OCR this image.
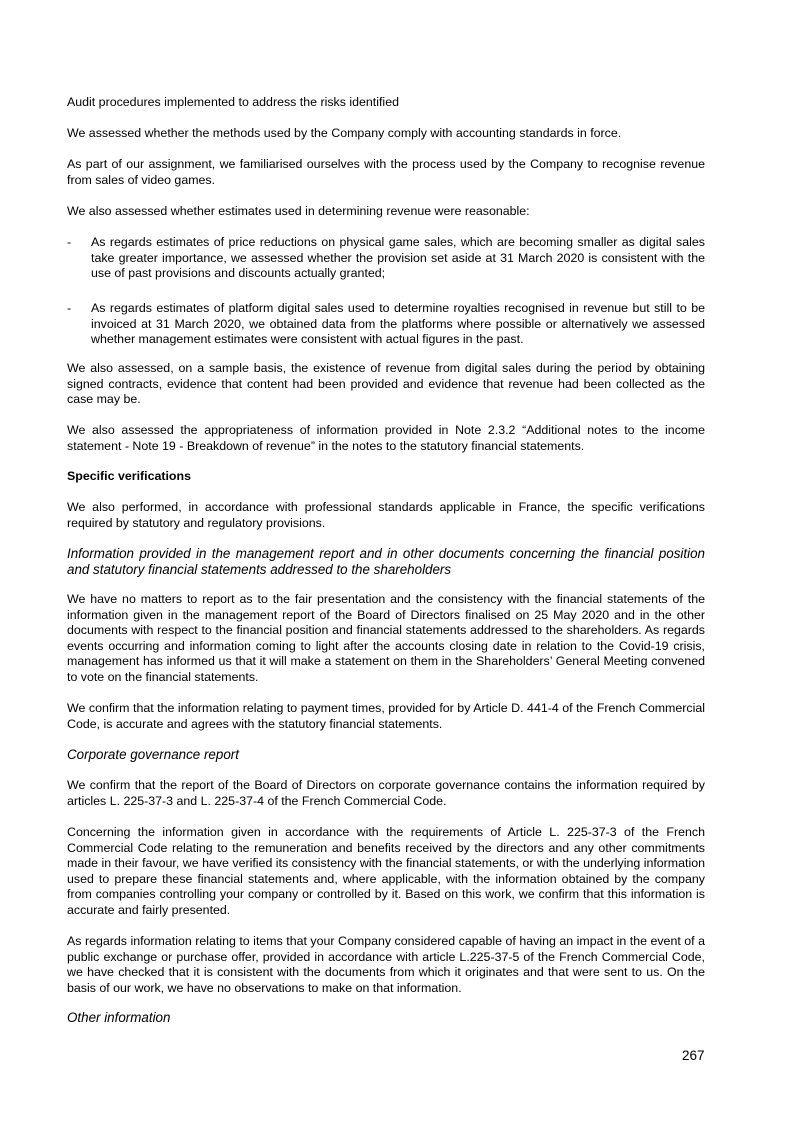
Audit procedures implemented to address the risks identified

We assessed whether the methods used by the Company comply with accounting standards in force.

As part of our assignment, we familiarised ourselves with the process used by the Company to recognise revenue from sales of video games.

We also assessed whether estimates used in determining revenue were reasonable:

- As regards estimates of price reductions on physical game sales, which are becoming smaller as digital sales take greater importance, we assessed whether the provision set aside at 31 March 2020 is consistent with the use of past provisions and discounts actually granted;
- As regards estimates of platform digital sales used to determine royalties recognised in revenue but still to be invoiced at 31 March 2020, we obtained data from the platforms where possible or alternatively we assessed whether management estimates were consistent with actual figures in the past.

We also assessed, on a sample basis, the existence of revenue from digital sales during the period by obtaining signed contracts, evidence that content had been provided and evidence that revenue had been collected as the case may be.

We also assessed the appropriateness of information provided in Note 2.3.2 “Additional notes to the income statement - Note 19 - Breakdown of revenue” in the notes to the statutory financial statements.

Specific verifications

We also performed, in accordance with professional standards applicable in France, the specific verifications required by statutory and regulatory provisions.

Information provided in the management report and in other documents concerning the financial position and statutory financial statements addressed to the shareholders

We have no matters to report as to the fair presentation and the consistency with the financial statements of the information given in the management report of the Board of Directors finalised on 25 May 2020 and in the other documents with respect to the financial position and financial statements addressed to the shareholders. As regards events occurring and information coming to light after the accounts closing date in relation to the Covid-19 crisis, management has informed us that it will make a statement on them in the Shareholders’ General Meeting convened to vote on the financial statements.

We confirm that the information relating to payment times, provided for by Article D. 441-4 of the French Commercial Code, is accurate and agrees with the statutory financial statements.

Corporate governance report

We confirm that the report of the Board of Directors on corporate governance contains the information required by articles L. 225-37-3 and L. 225-37-4 of the French Commercial Code.

Concerning the information given in accordance with the requirements of Article L. 225-37-3 of the French Commercial Code relating to the remuneration and benefits received by the directors and any other commitments made in their favour, we have verified its consistency with the financial statements, or with the underlying information used to prepare these financial statements and, where applicable, with the information obtained by the company from companies controlling your company or controlled by it. Based on this work, we confirm that this information is accurate and fairly presented.

As regards information relating to items that your Company considered capable of having an impact in the event of a public exchange or purchase offer, provided in accordance with article L.225-37-5 of the French Commercial Code, we have checked that it is consistent with the documents from which it originates and that were sent to us. On the basis of our work, we have no observations to make on that information.

Other information

267
